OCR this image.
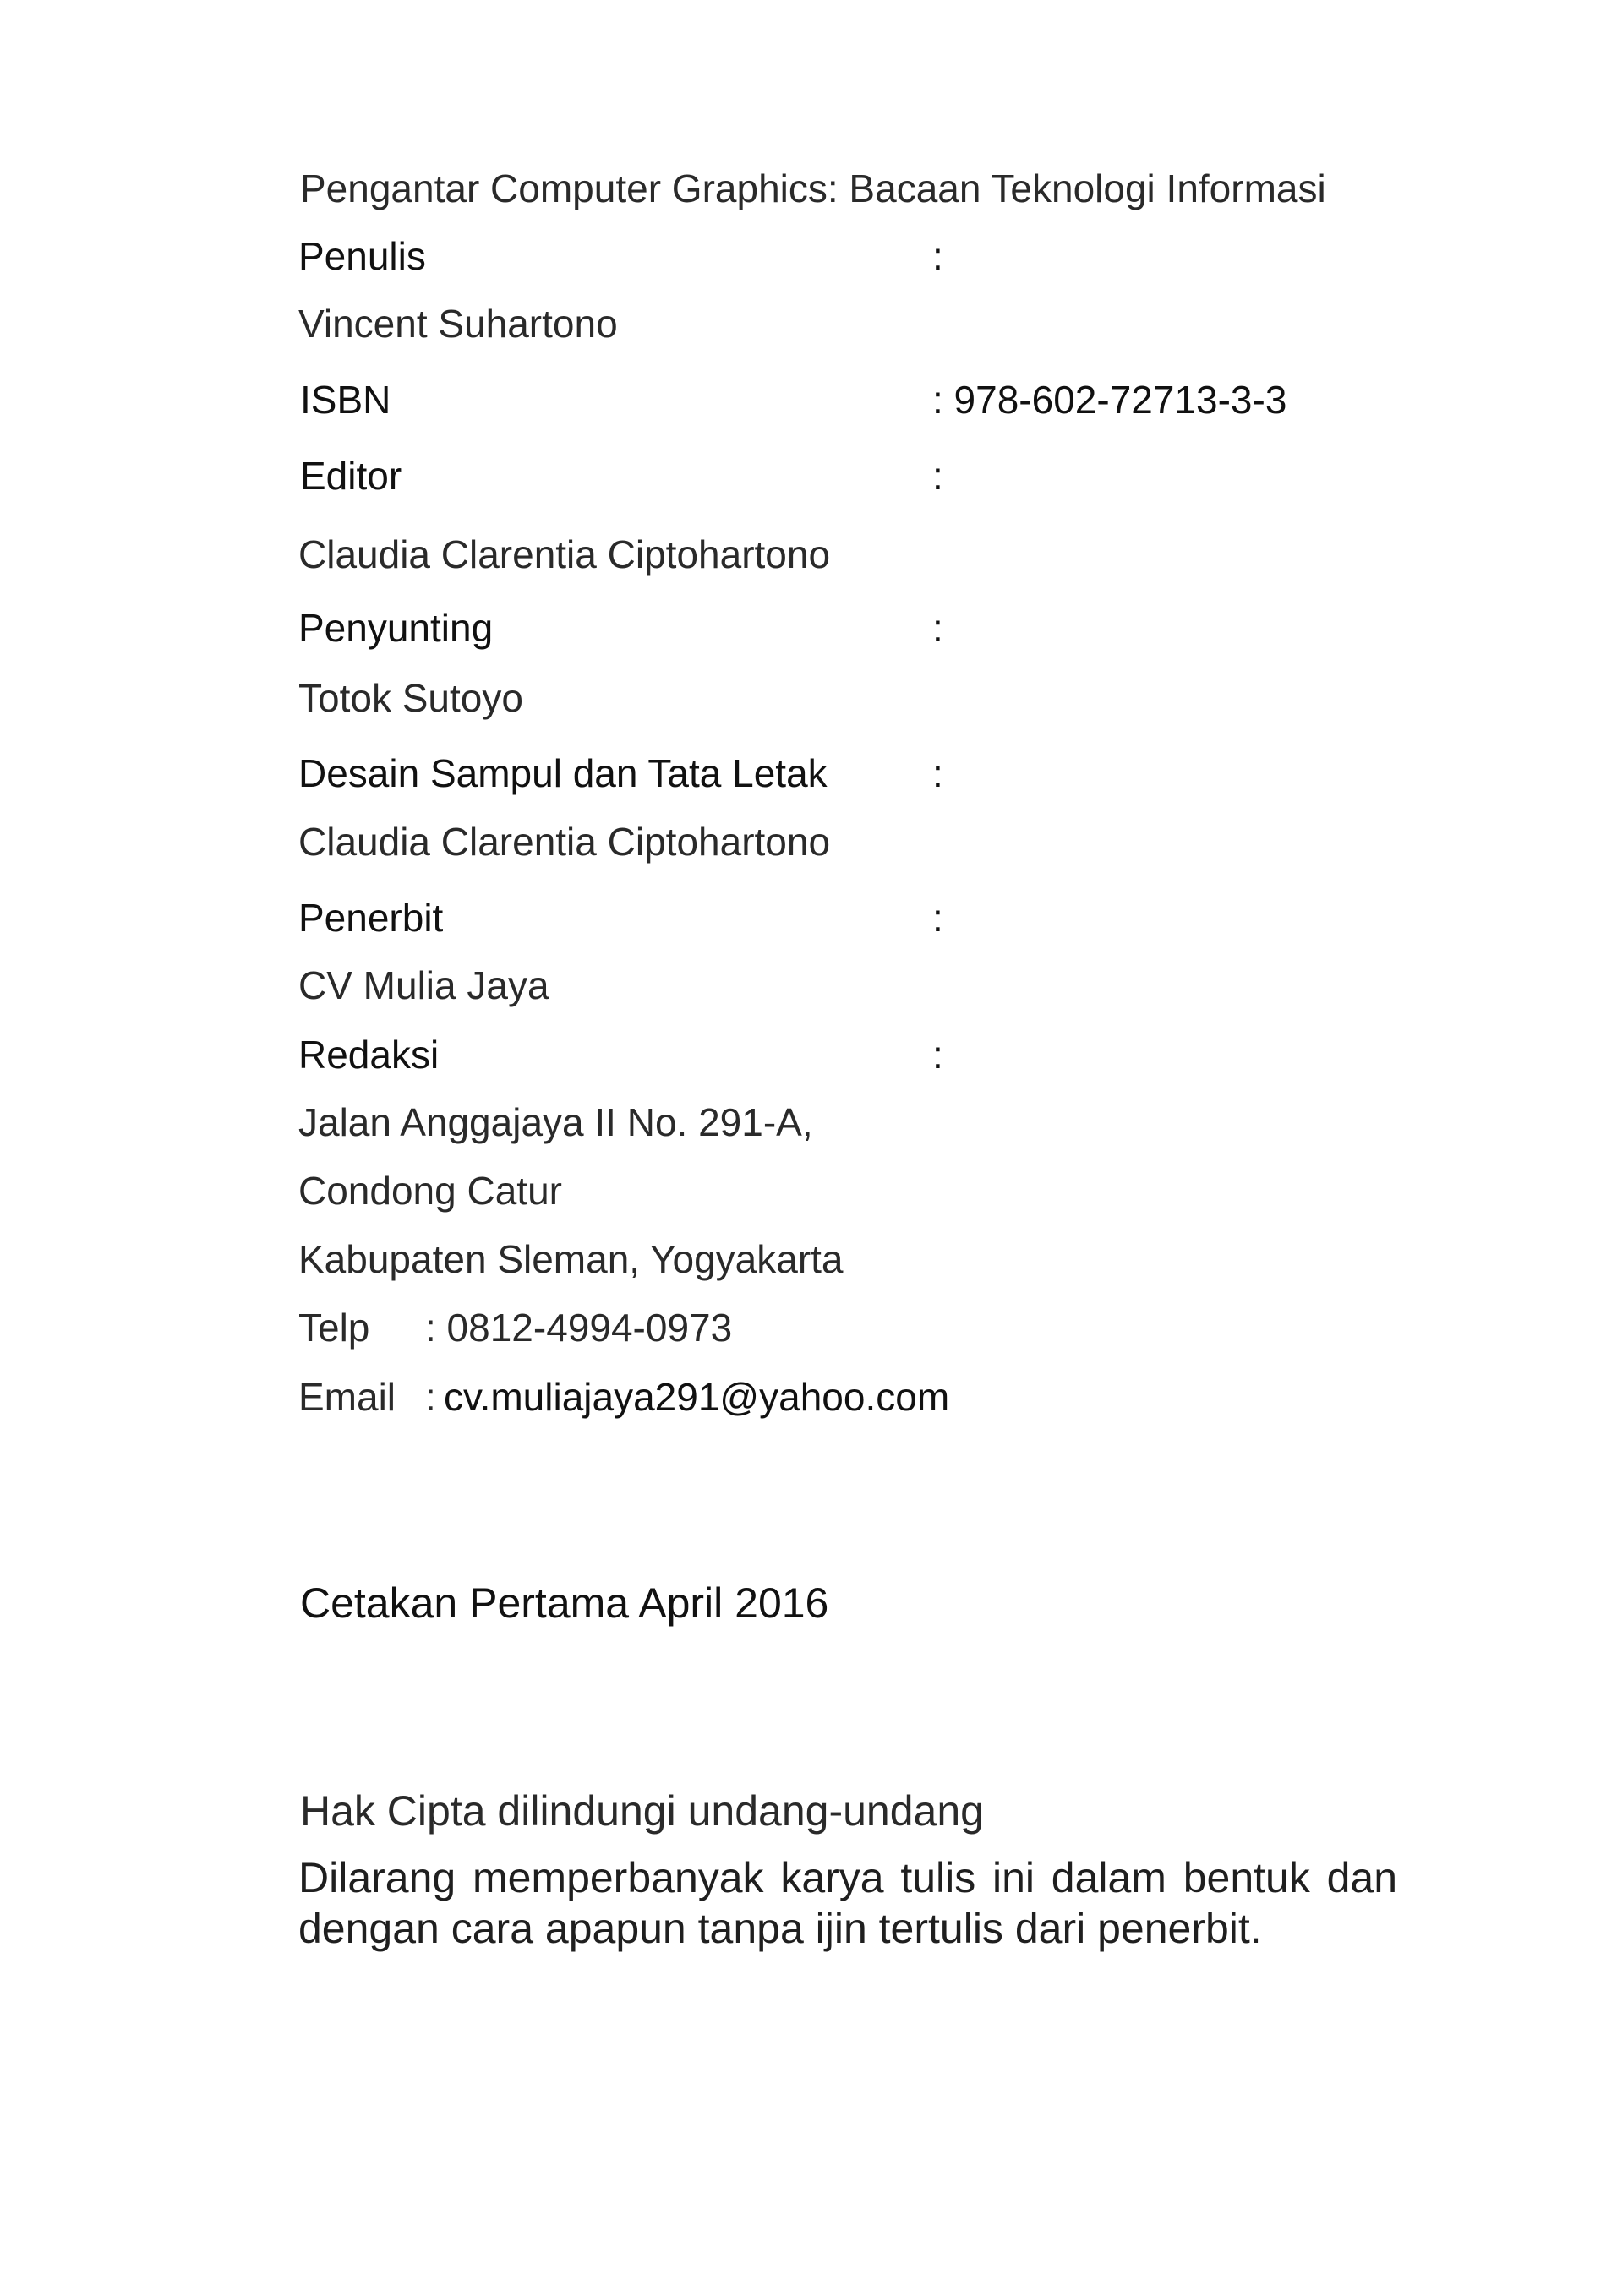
Pengantar Computer Graphics: Bacaan Teknologi Informasi
Penulis	:
Vincent Suhartono
ISBN	: 978-602-72713-3-3
Editor	:
Claudia Clarentia Ciptohartono
Penyunting	:
Totok Sutoyo
Desain Sampul dan Tata Letak	:
Claudia Clarentia Ciptohartono
Penerbit	:
CV Mulia Jaya
Redaksi	:
Jalan Anggajaya II No. 291-A,
Condong Catur
Kabupaten Sleman, Yogyakarta
Telp : 0812-4994-0973
Email : cv.muliajaya291@yahoo.com
Cetakan Pertama April 2016
Hak Cipta dilindungi undang-undang
Dilarang memperbanyak karya tulis ini dalam bentuk dan dengan cara apapun tanpa ijin tertulis dari penerbit.
